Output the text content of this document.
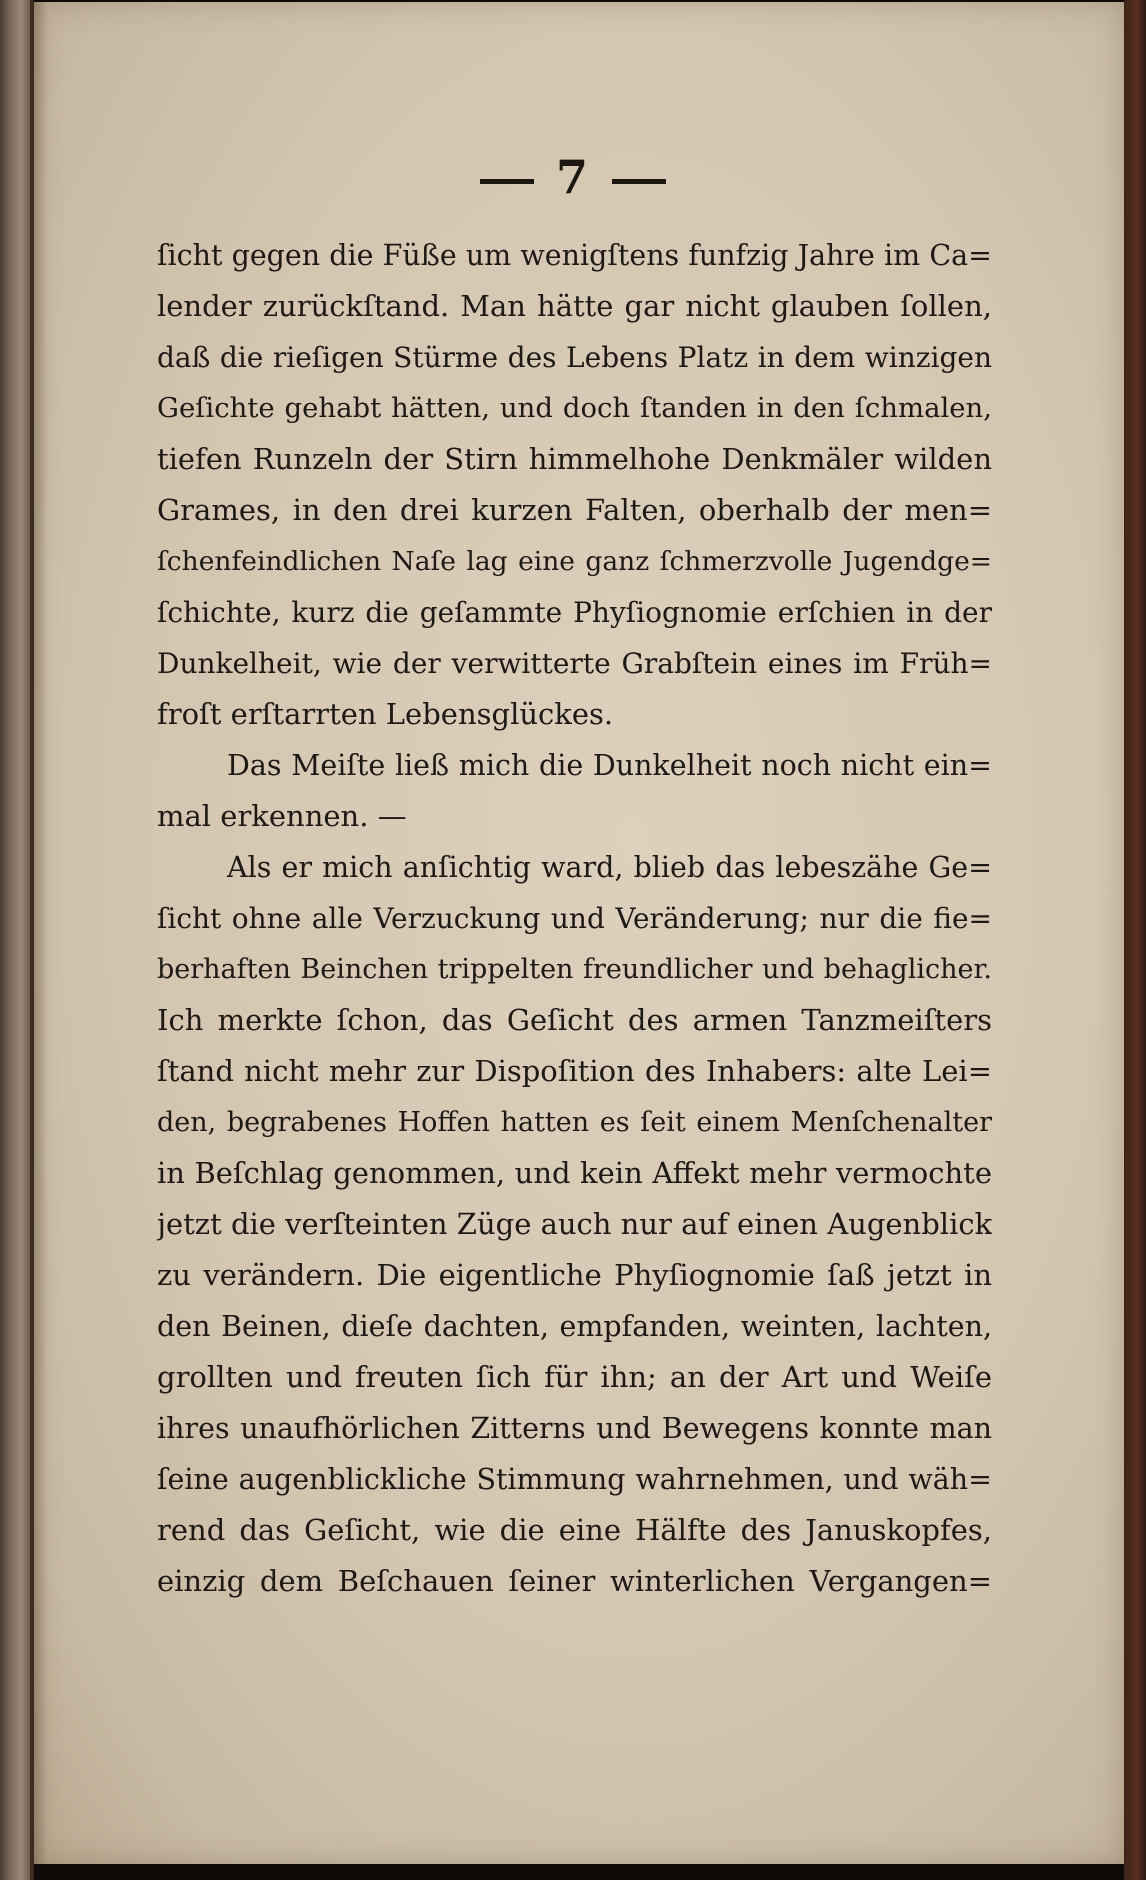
7
ſicht gegen die Füße um wenigſtens funfzig Jahre im Ca=
lender zurückſtand. Man hätte gar nicht glauben ſollen,
daß die rieſigen Stürme des Lebens Platz in dem winzigen
Geſichte gehabt hätten, und doch ſtanden in den ſchmalen,
tiefen Runzeln der Stirn himmelhohe Denkmäler wilden
Grames, in den drei kurzen Falten, oberhalb der men=
ſchenfeindlichen Naſe lag eine ganz ſchmerzvolle Jugendge=
ſchichte, kurz die geſammte Phyſiognomie erſchien in der
Dunkelheit, wie der verwitterte Grabſtein eines im Früh=
froſt erſtarrten Lebensglückes.
Das Meiſte ließ mich die Dunkelheit noch nicht ein=
mal erkennen. —
Als er mich anſichtig ward, blieb das lebeszähe Ge=
ſicht ohne alle Verzuckung und Veränderung; nur die fie=
berhaften Beinchen trippelten freundlicher und behaglicher.
Ich merkte ſchon, das Geſicht des armen Tanzmeiſters
ſtand nicht mehr zur Dispoſition des Inhabers: alte Lei=
den, begrabenes Hoffen hatten es ſeit einem Menſchenalter
in Beſchlag genommen, und kein Affekt mehr vermochte
jetzt die verſteinten Züge auch nur auf einen Augenblick
zu verändern. Die eigentliche Phyſiognomie ſaß jetzt in
den Beinen, dieſe dachten, empfanden, weinten, lachten,
grollten und freuten ſich für ihn; an der Art und Weiſe
ihres unaufhörlichen Zitterns und Bewegens konnte man
ſeine augenblickliche Stimmung wahrnehmen, und wäh=
rend das Geſicht, wie die eine Hälfte des Januskopfes,
einzig dem Beſchauen ſeiner winterlichen Vergangen=
